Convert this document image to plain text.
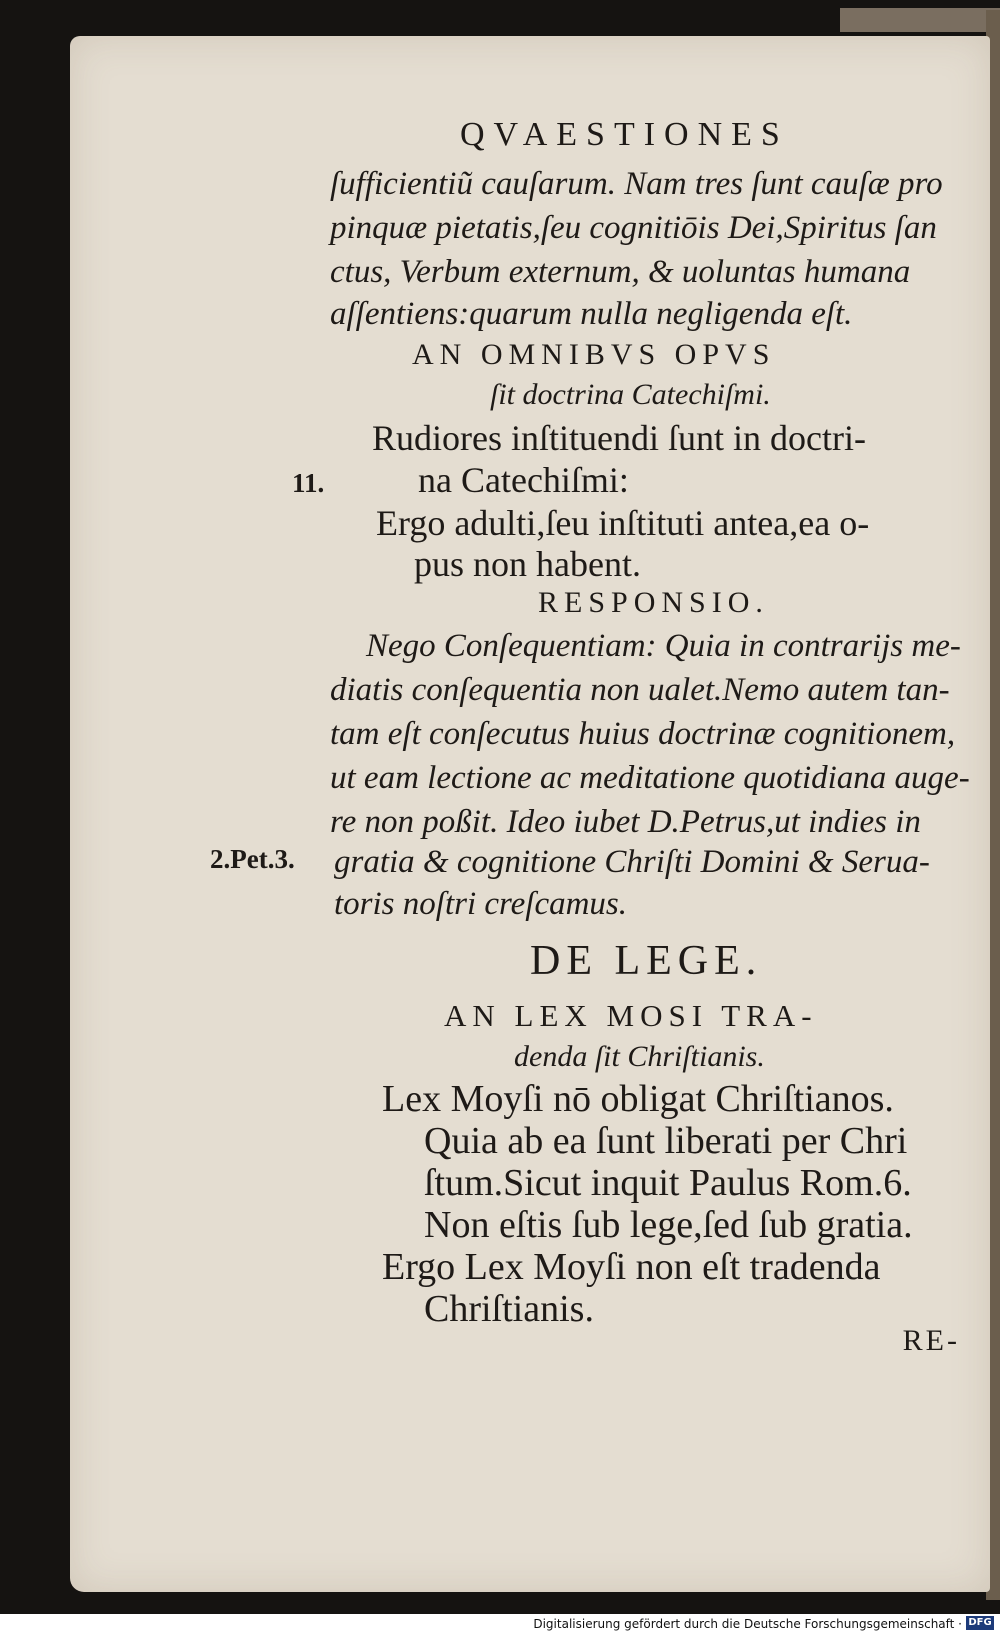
QVAESTIONES
ſufficientiũ cauſarum. Nam tres ſunt cauſæ pro
pinquæ pietatis,ſeu cognitiōis Dei,Spiritus ſan
ctus, Verbum externum, & uoluntas humana
aſſentiens:quarum nulla negligenda eſt.
AN OMNIBVS OPVS
ſit doctrina Catechiſmi.
Rudiores inſtituendi ſunt in doctri-
11.	na Catechiſmi:
Ergo adulti,ſeu inſtituti antea,ea o-
pus non habent.
RESPONSIO.
Nego Conſequentiam: Quia in contrarijs me-
diatis conſequentia non ualet.Nemo autem tan-
tam eſt conſecutus huius doctrinæ cognitionem,
ut eam lectione ac meditatione quotidiana auge-
re non poßit. Ideo iubet D.Petrus,ut indies in
2.Pet.3. gratia & cognitione Chriſti Domini & Serua-
toris noſtri creſcamus.
DE LEGE.
AN LEX MOSI TRA-
denda ſit Chriſtianis.
Lex Moyſi nō obligat Chriſtianos.
Quia ab ea ſunt liberati per Chri
ſtum.Sicut inquit Paulus Rom.6.
Non eſtis ſub lege,ſed ſub gratia.
Ergo Lex Moyſi non eſt tradenda
Chriſtianis.
RE-
Digitalisierung gefördert durch die Deutsche Forschungsgemeinschaft · DFG
